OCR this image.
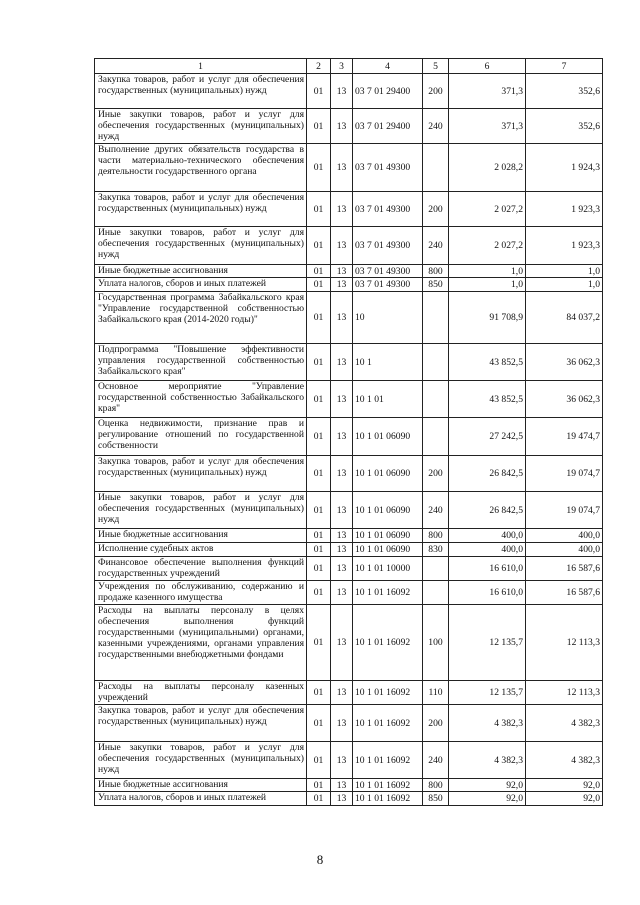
1	2	3	4	5	6	7
Закупка товаров, работ и услуг для обеспечения государственных (муниципальных) нужд	01	13	03 7 01 29400	200	371,3	352,6
Иные закупки товаров, работ и услуг для обеспечения государственных (муниципальных) нужд	01	13	03 7 01 29400	240	371,3	352,6
Выполнение других обязательств государства в части материально-технического обеспечения деятельности государственного органа	01	13	03 7 01 49300		2 028,2	1 924,3
Закупка товаров, работ и услуг для обеспечения государственных (муниципальных) нужд	01	13	03 7 01 49300	200	2 027,2	1 923,3
Иные закупки товаров, работ и услуг для обеспечения государственных (муниципальных) нужд	01	13	03 7 01 49300	240	2 027,2	1 923,3
Иные бюджетные ассигнования	01	13	03 7 01 49300	800	1,0	1,0
Уплата налогов, сборов и иных платежей	01	13	03 7 01 49300	850	1,0	1,0
Государственная программа Забайкальского края "Управление государственной собственностью Забайкальского края (2014-2020 годы)"	01	13	10		91 708,9	84 037,2
Подпрограмма "Повышение эффективности управления государственной собственностью Забайкальского края"	01	13	10 1		43 852,5	36 062,3
Основное мероприятие "Управление государственной собственностью Забайкальского края"	01	13	10 1 01		43 852,5	36 062,3
Оценка недвижимости, признание прав и регулирование отношений по государственной собственности	01	13	10 1 01 06090		27 242,5	19 474,7
Закупка товаров, работ и услуг для обеспечения государственных (муниципальных) нужд	01	13	10 1 01 06090	200	26 842,5	19 074,7
Иные закупки товаров, работ и услуг для обеспечения государственных (муниципальных) нужд	01	13	10 1 01 06090	240	26 842,5	19 074,7
Иные бюджетные ассигнования	01	13	10 1 01 06090	800	400,0	400,0
Исполнение судебных актов	01	13	10 1 01 06090	830	400,0	400,0
Финансовое обеспечение выполнения функций государственных учреждений	01	13	10 1 01 10000		16 610,0	16 587,6
Учреждения по обслуживанию, содержанию и продаже казенного имущества	01	13	10 1 01 16092		16 610,0	16 587,6
Расходы на выплаты персоналу в целях обеспечения выполнения функций государственными (муниципальными) органами, казенными учреждениями, органами управления государственными внебюджетными фондами	01	13	10 1 01 16092	100	12 135,7	12 113,3
Расходы на выплаты персоналу казенных учреждений	01	13	10 1 01 16092	110	12 135,7	12 113,3
Закупка товаров, работ и услуг для обеспечения государственных (муниципальных) нужд	01	13	10 1 01 16092	200	4 382,3	4 382,3
Иные закупки товаров, работ и услуг для обеспечения государственных (муниципальных) нужд	01	13	10 1 01 16092	240	4 382,3	4 382,3
Иные бюджетные ассигнования	01	13	10 1 01 16092	800	92,0	92,0
Уплата налогов, сборов и иных платежей	01	13	10 1 01 16092	850	92,0	92,0
8
